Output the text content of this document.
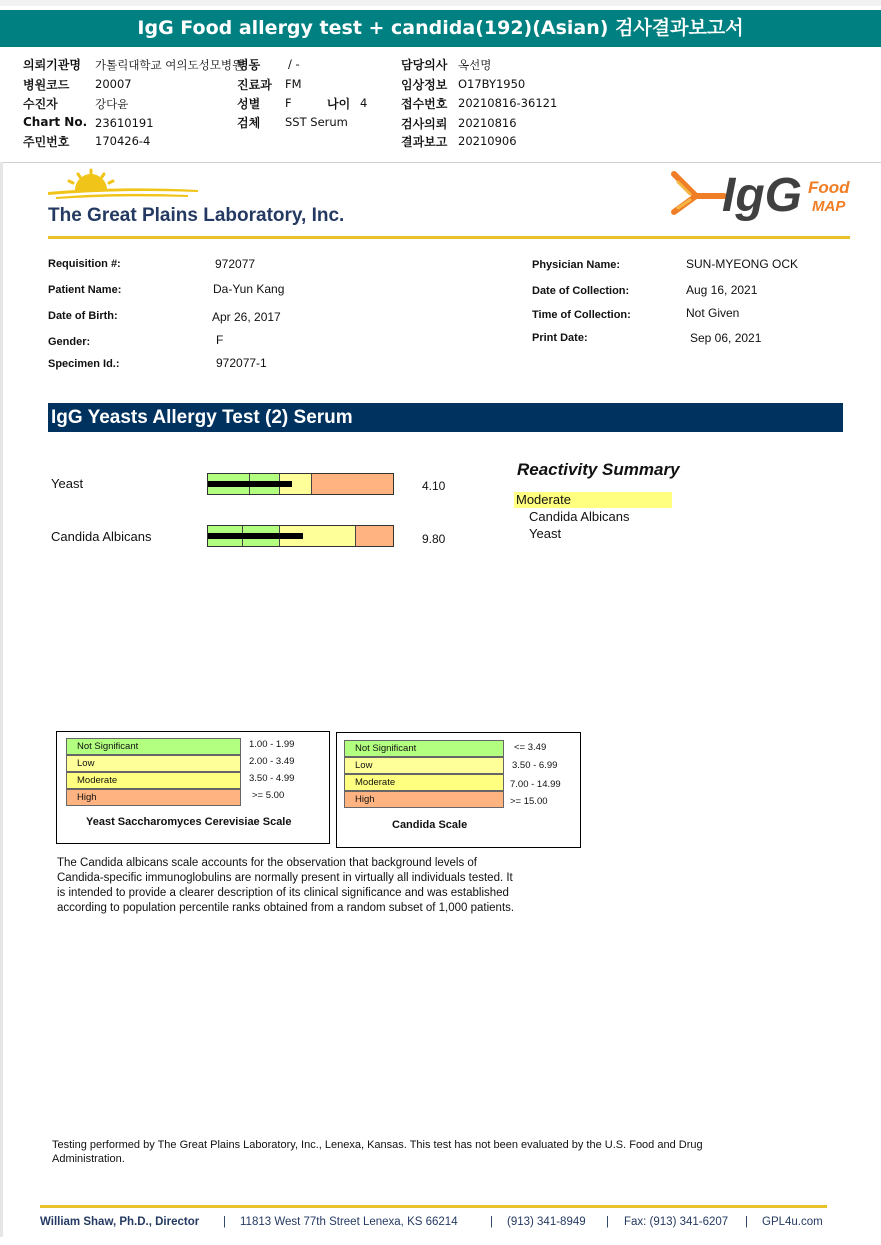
IgG Food allergy test + candida(192)(Asian) 검사결과보고서
의뢰기관명 가톨릭대학교 여의도성모병원
병동 / -	담당의사 옥선명
병원코드 20007	진료과 FM	임상정보 O17BY1950
수진자	강다윤	성별 F	나이 4	접수번호 20210816-36121
Chart No. 23610191	검체 SST Serum	검사의뢰 20210816
주민번호 170426-4	결과보고 20210906
The Great Plains Laboratory, Inc.	IgG Food
MAP
Requisition #:	972077
Patient Name:	Da-Yun Kang
Date of Birth:	Apr 26, 2017
Gender:	F
Specimen Id.:	972077-1
Physician Name:	SUN-MYEONG OCK
Date of Collection:	Aug 16, 2021
Time of Collection:	Not Given
Print Date:	Sep 06, 2021
IgG Yeasts Allergy Test (2) Serum
Yeast	4.10
Candida Albicans	9.80
Reactivity Summary
Moderate
Candida Albicans
Yeast
Not Significant
Low
Moderate
High
1.00 - 1.99
2.00 - 3.49
3.50 - 4.99
>= 5.00
Yeast Saccharomyces Cerevisiae Scale
Not Significant
Low
Moderate
High
<= 3.49
3.50 - 6.99
7.00 - 14.99
>= 15.00
Candida Scale
The Candida albicans scale accounts for the observation that background levels of
Candida-specific immunoglobulins are normally present in virtually all individuals tested. It
is intended to provide a clearer description of its clinical significance and was established
according to population percentile ranks obtained from a random subset of 1,000 patients.
Testing performed by The Great Plains Laboratory, Inc., Lenexa, Kansas. This test has not been evaluated by the U.S. Food and Drug
Administration.
William Shaw, Ph.D., Director | 11813 West 77th Street Lenexa, KS 66214	| (913) 341-8949 | Fax: (913) 341-6207 | GPL4u.com
